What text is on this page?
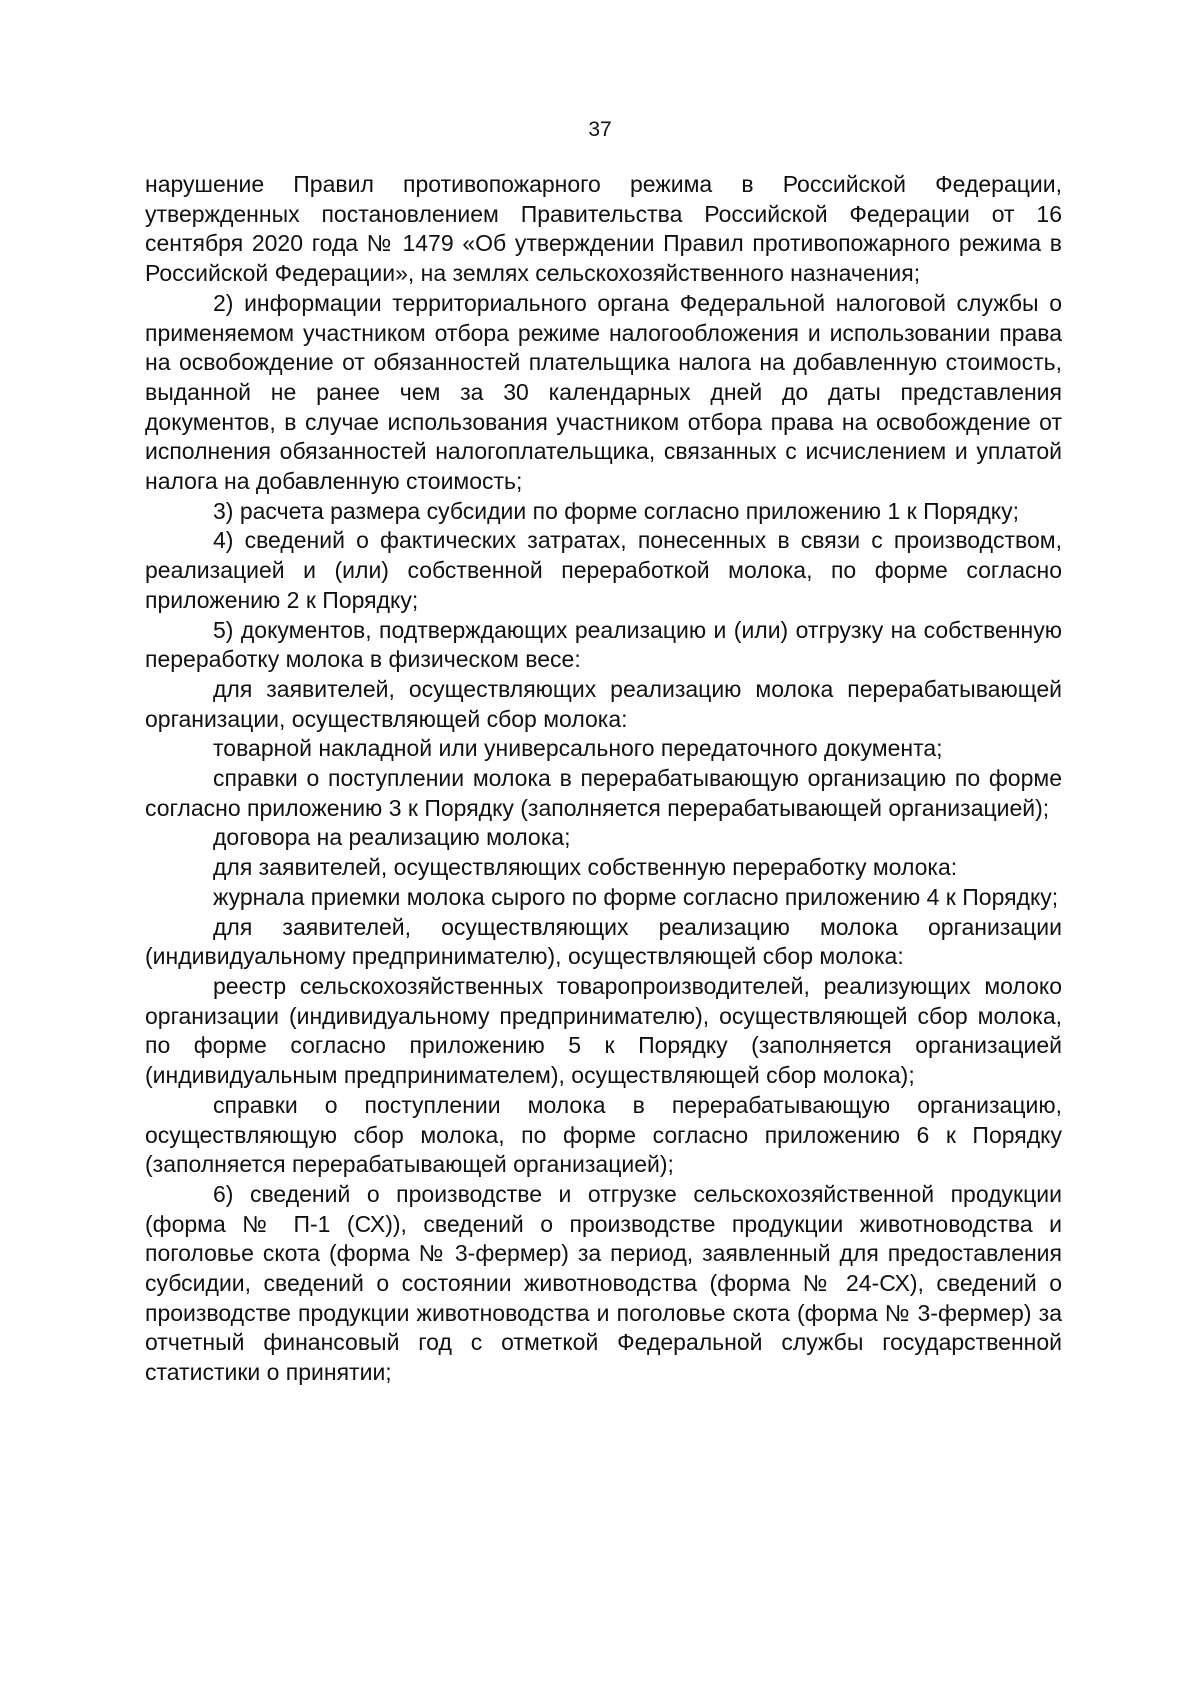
37

нарушение Правил противопожарного режима в Российской Федерации, утвержденных постановлением Правительства Российской Федерации от 16 сентября 2020 года № 1479 «Об утверждении Правил противопожарного режима в Российской Федерации», на землях сельскохозяйственного назначения;

2) информации территориального органа Федеральной налоговой службы о применяемом участником отбора режиме налогообложения и использовании права на освобождение от обязанностей плательщика налога на добавленную стоимость, выданной не ранее чем за 30 календарных дней до даты представления документов, в случае использования участником отбора права на освобождение от исполнения обязанностей налогоплательщика, связанных с исчислением и уплатой налога на добавленную стоимость;

3) расчета размера субсидии по форме согласно приложению 1 к Порядку;

4) сведений о фактических затратах, понесенных в связи с производством, реализацией и (или) собственной переработкой молока, по форме согласно приложению 2 к Порядку;

5) документов, подтверждающих реализацию и (или) отгрузку на собственную переработку молока в физическом весе:

для заявителей, осуществляющих реализацию молока перерабатывающей организации, осуществляющей сбор молока:

товарной накладной или универсального передаточного документа;

справки о поступлении молока в перерабатывающую организацию по форме согласно приложению 3 к Порядку (заполняется перерабатывающей организацией);

договора на реализацию молока;

для заявителей, осуществляющих собственную переработку молока:

журнала приемки молока сырого по форме согласно приложению 4 к Порядку;

для заявителей, осуществляющих реализацию молока организации (индивидуальному предпринимателю), осуществляющей сбор молока:

реестр сельскохозяйственных товаропроизводителей, реализующих молоко организации (индивидуальному предпринимателю), осуществляющей сбор молока, по форме согласно приложению 5 к Порядку (заполняется организацией (индивидуальным предпринимателем), осуществляющей сбор молока);

справки о поступлении молока в перерабатывающую организацию, осуществляющую сбор молока, по форме согласно приложению 6 к Порядку (заполняется перерабатывающей организацией);

6) сведений о производстве и отгрузке сельскохозяйственной продукции (форма № П-1 (СХ)), сведений о производстве продукции животноводства и поголовье скота (форма № 3-фермер) за период, заявленный для предоставления субсидии, сведений о состоянии животноводства (форма № 24-СХ), сведений о производстве продукции животноводства и поголовье скота (форма № 3-фермер) за отчетный финансовый год с отметкой Федеральной службы государственной статистики о принятии;
